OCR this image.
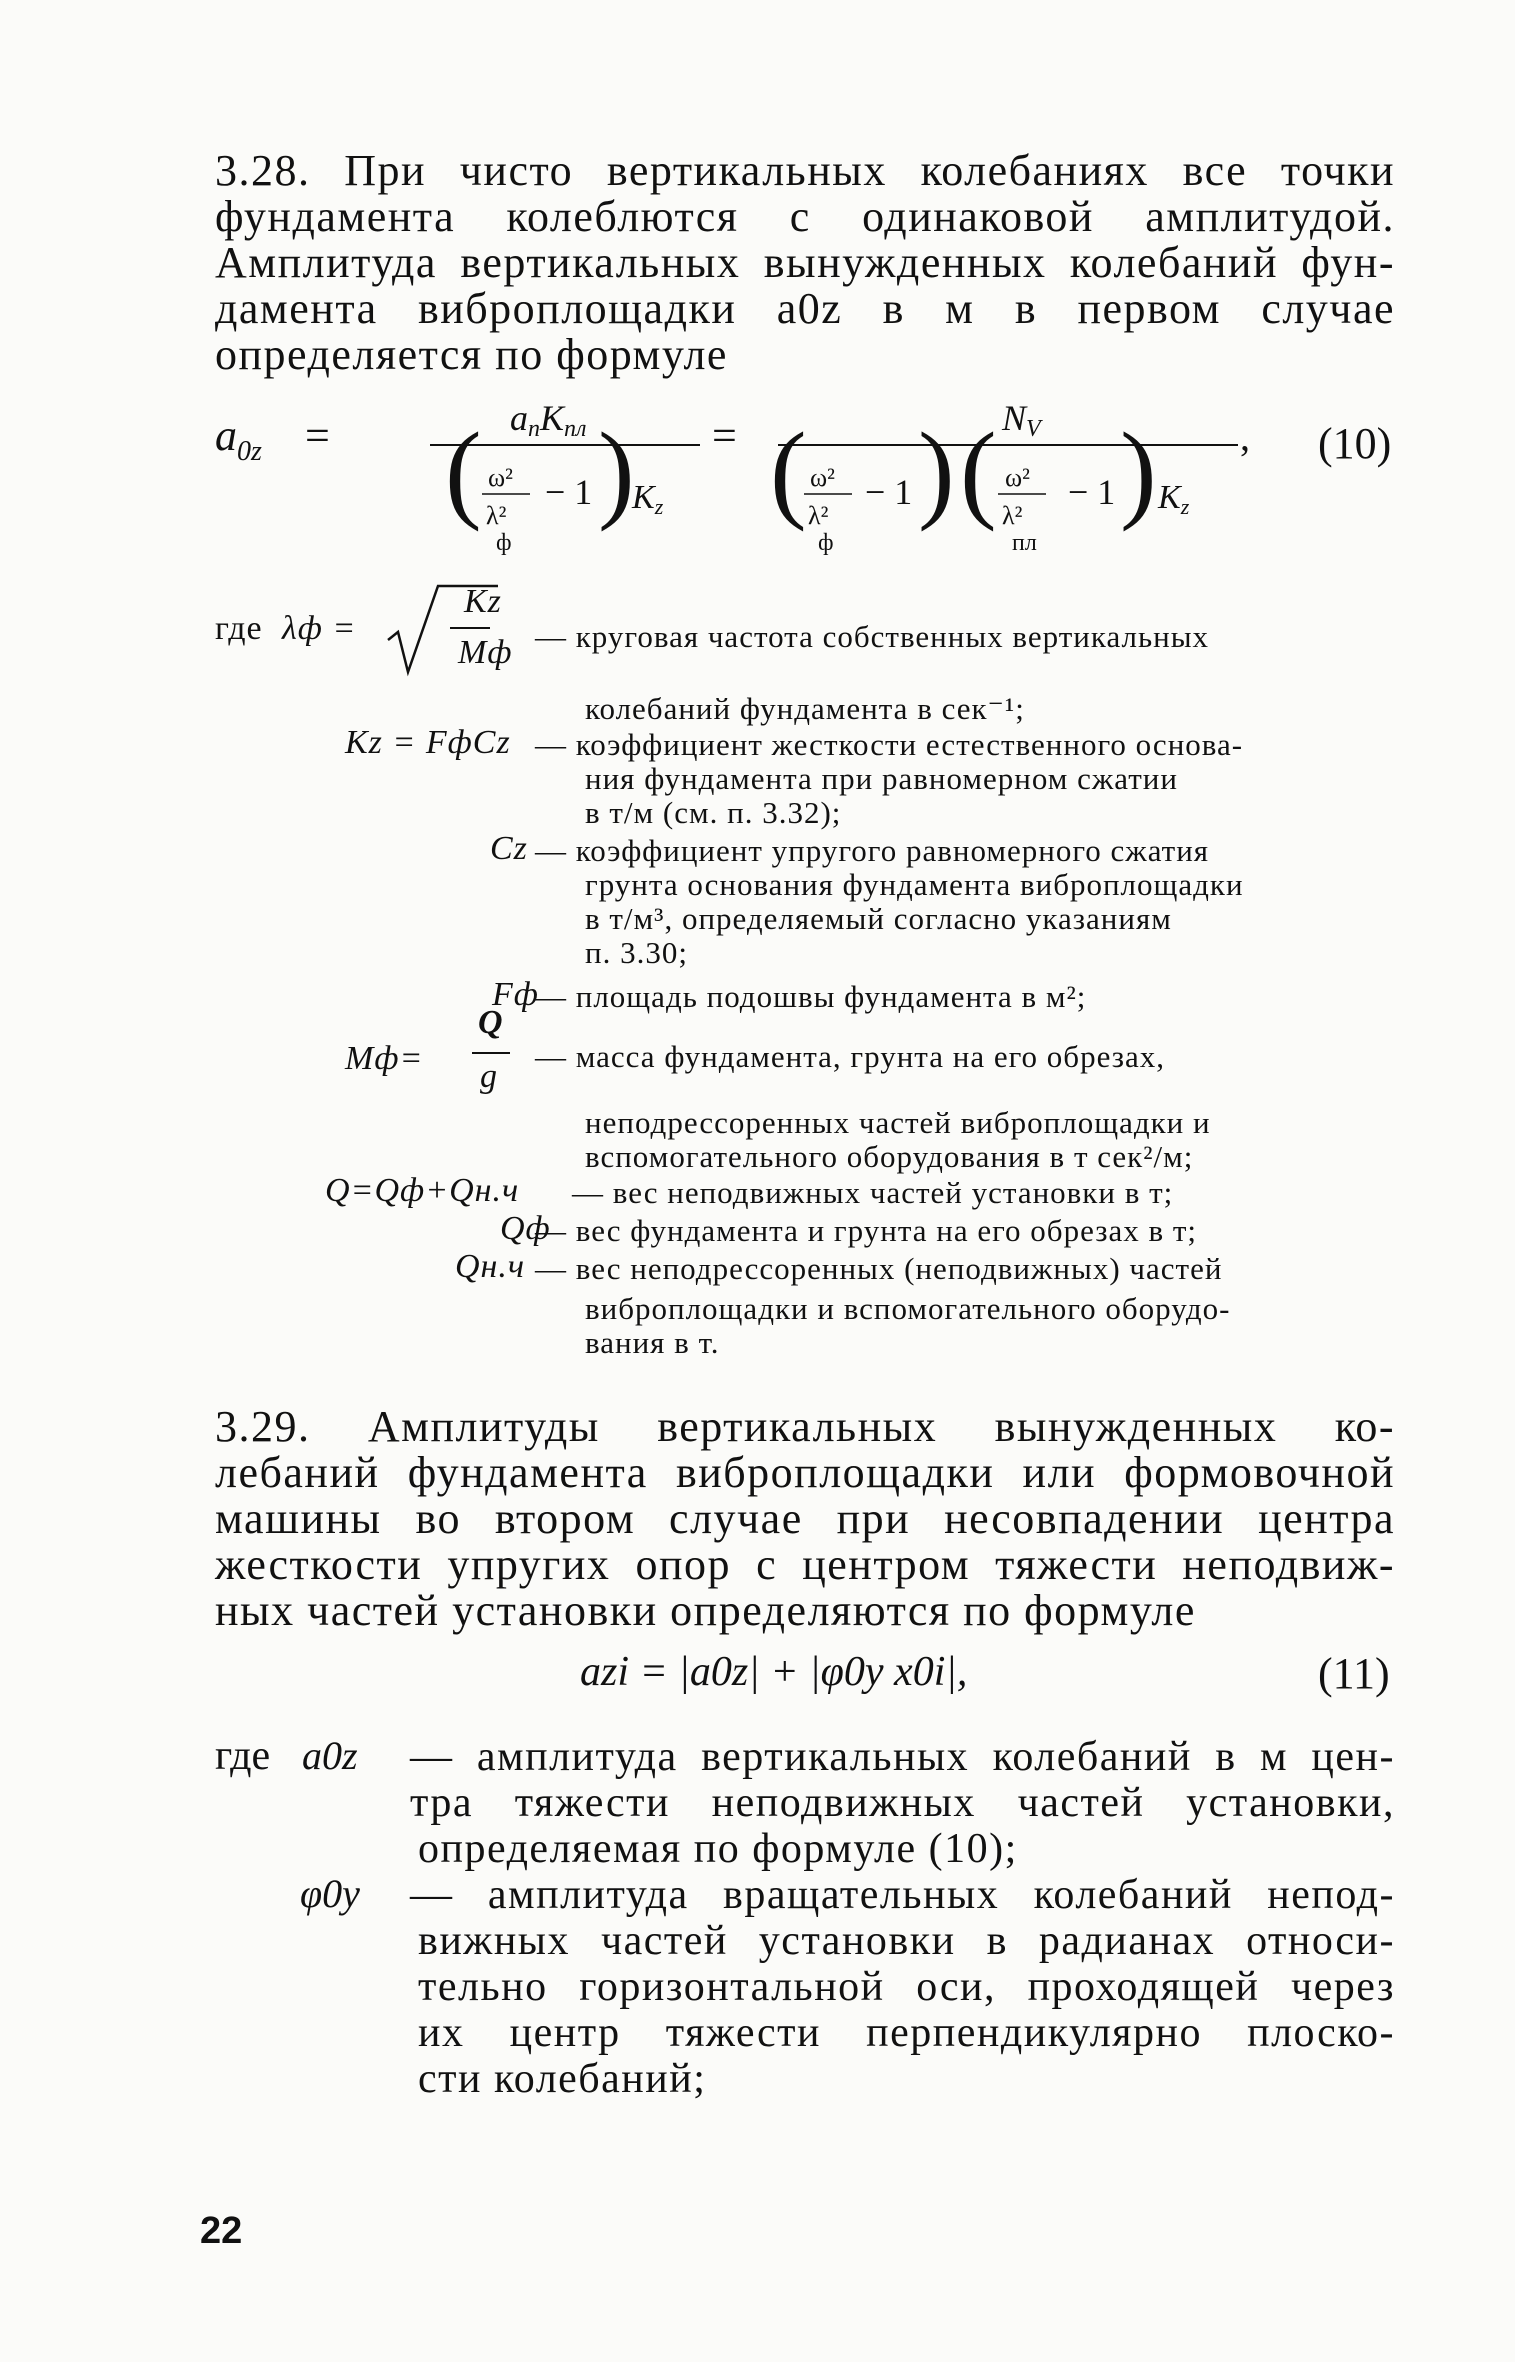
3.28. При чисто вертикальных колебаниях все точки
фундамента колеблются с одинаковой амплитудой.
Амплитуда вертикальных вынужденных колебаний фун-
дамента виброплощадки a0z в м в первом случае
определяется по формуле
$a_{0z}$ =	aпKпл
( ω²
λ²
ф
− 1 )
Kz
=	NV	,
( ω²
λ²
ф
− 1 ) ( ω²
λ²
пл
− 1 ) Kz
(10)
где λф =
Kz
Mф — круговая частота собственных вертикальных
колебаний фундамента в сек⁻¹;
Kz = FфCz — коэффициент жесткости естественного основа-
ния фундамента при равномерном сжатии
в т/м (см. п. 3.32);
Cz — коэффициент упругого равномерного сжатия
грунта основания фундамента виброплощадки
в т/м³, определяемый согласно указаниям
п. 3.30;
Fф
— площадь подошвы фундамента в м²;
Mф=
Q
g
— масса фундамента, грунта на его обрезах,
неподрессоренных частей виброплощадки и
вспомогательного оборудования в т сек²/м;
Q=Qф+Qн.ч — вес неподвижных частей установки в т;
Qф
— вес фундамента и грунта на его обрезах в т;
Qн.ч — вес неподрессоренных (неподвижных) частей
виброплощадки и вспомогательного оборудо-
вания в т.
3.29. Амплитуды вертикальных вынужденных ко-
лебаний фундамента виброплощадки или формовочной
машины во втором случае при несовпадении центра
жесткости упругих опор с центром тяжести неподвиж-
ных частей установки определяются по формуле
azi = |a0z| + |φ0y x0i|,	(11)
где a0z — амплитуда вертикальных колебаний в м цен-
тра тяжести неподвижных частей установки,
определяемая по формуле (10);
φ0y — амплитуда вращательных колебаний непод-
вижных частей установки в радианах относи-
тельно горизонтальной оси, проходящей через
их центр тяжести перпендикулярно плоско-
сти колебаний;
22
